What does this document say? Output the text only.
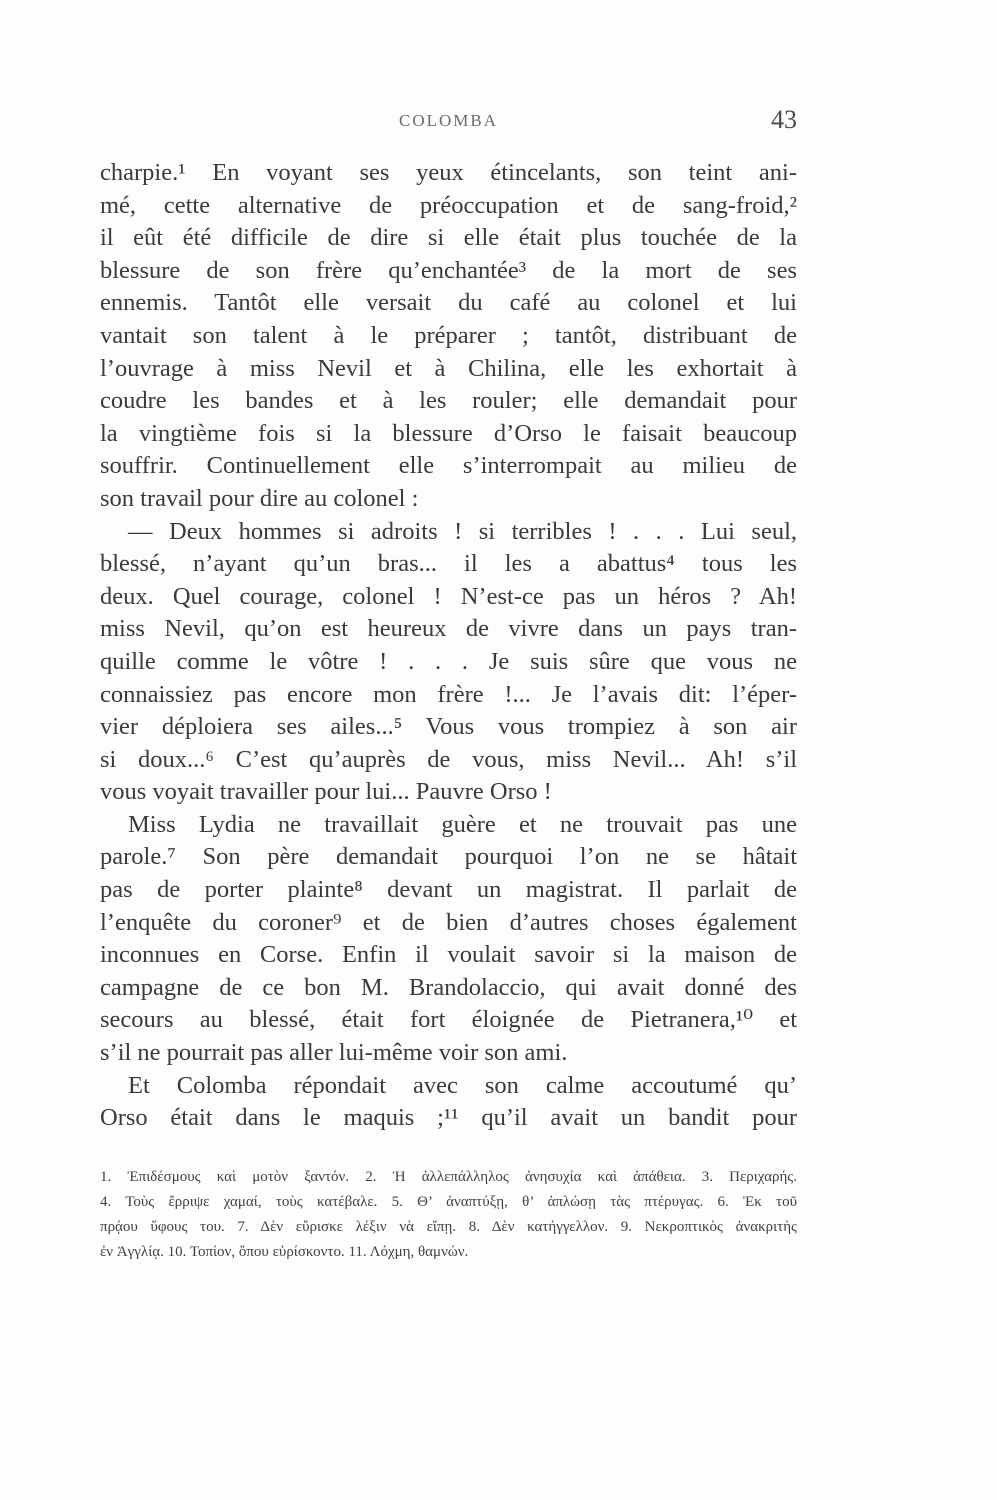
COLOMBA	43
charpie.¹ En voyant ses yeux étincelants, son teint ani-
mé, cette alternative de préoccupation et de sang-froid,²
il eût été difficile de dire si elle était plus touchée de la
blessure de son frère qu’enchantée³ de la mort de ses
ennemis. Tantôt elle versait du café au colonel et lui
vantait son talent à le préparer ; tantôt, distribuant de
l’ouvrage à miss Nevil et à Chilina, elle les exhortait à
coudre les bandes et à les rouler; elle demandait pour
la vingtième fois si la blessure d’Orso le faisait beaucoup
souffrir. Continuellement elle s’interrompait au milieu de
son travail pour dire au colonel :
— Deux hommes si adroits ! si terribles ! . . . Lui seul,
blessé, n’ayant qu’un bras... il les a abattus⁴ tous les
deux. Quel courage, colonel ! N’est-ce pas un héros ? Ah!
miss Nevil, qu’on est heureux de vivre dans un pays tran-
quille comme le vôtre ! . . . Je suis sûre que vous ne
connaissiez pas encore mon frère !... Je l’avais dit: l’éper-
vier déploiera ses ailes...⁵ Vous vous trompiez à son air
si doux...⁶ C’est qu’auprès de vous, miss Nevil... Ah! s’il
vous voyait travailler pour lui... Pauvre Orso !
Miss Lydia ne travaillait guère et ne trouvait pas une
parole.⁷ Son père demandait pourquoi l’on ne se hâtait
pas de porter plainte⁸ devant un magistrat. Il parlait de
l’enquête du coroner⁹ et de bien d’autres choses également
inconnues en Corse. Enfin il voulait savoir si la maison de
campagne de ce bon M. Brandolaccio, qui avait donné des
secours au blessé, était fort éloignée de Pietranera,¹⁰ et
s’il ne pourrait pas aller lui-même voir son ami.
Et Colomba répondait avec son calme accoutumé qu’
Orso était dans le maquis ;¹¹ qu’il avait un bandit pour
1. Ἐπιδέσμους καὶ μοτὸν ξαντόν. 2. Ἡ ἀλλεπάλληλος ἀνησυχία καὶ ἀπάθεια. 3. Περιχαρής.
4. Τοὺς ἔρριψε χαμαί, τοὺς κατέβαλε. 5. Θ’ ἀναπτύξῃ, θ’ ἁπλώσῃ τὰς πτέρυγας. 6. Ἐκ τοῦ
πρᾴου ὕφους του. 7. Δὲν εὕρισκε λέξιν νὰ εἴπῃ. 8. Δὲν κατήγγελλον. 9. Νεκροπτικὸς ἀνακριτὴς
ἐν Ἀγγλίᾳ. 10. Τοπίον, ὅπου εὑρίσκοντο. 11. Λόχμη, θαμνών.
